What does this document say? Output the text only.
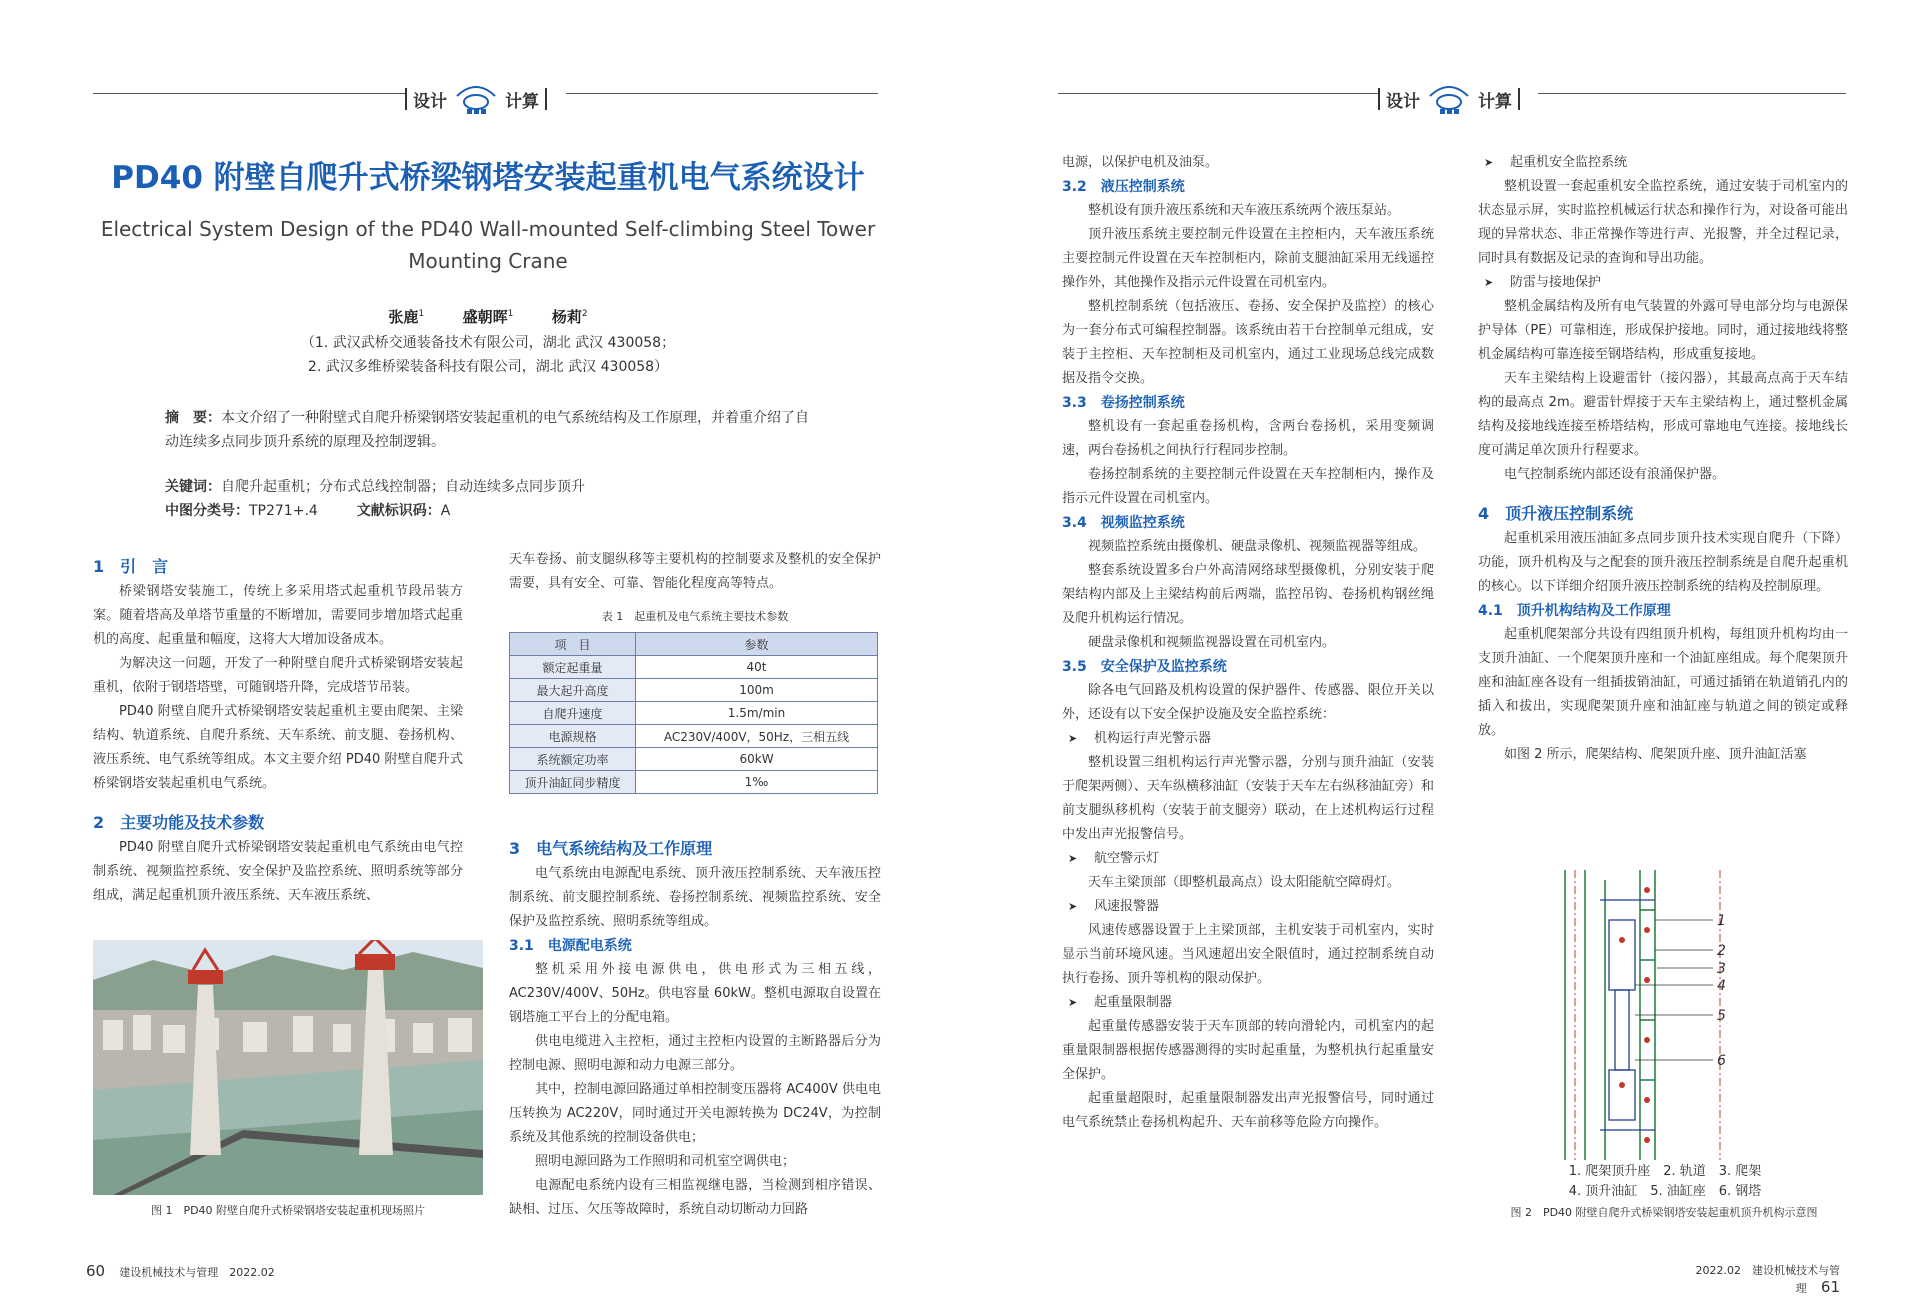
设计	计算
PD40 附壁自爬升式桥梁钢塔安装起重机电气系统设计
Electrical System Design of the PD40 Wall-mounted Self-climbing Steel Tower
Mounting Crane
张鹿$^1$	盛朝晖$^1$	杨莉$^2$
（1. 武汉武桥交通装备技术有限公司，湖北 武汉 430058；
2. 武汉多维桥梁装备科技有限公司，湖北 武汉 430058）
摘　要：本文介绍了一种附壁式自爬升桥梁钢塔安装起重机的电气系统结构及工作原理，并着重介绍了自动连续多点同步顶升系统的原理及控制逻辑。
关键词：自爬升起重机；分布式总线控制器；自动连续多点同步顶升
中图分类号：TP271+.4	文献标识码：A
1　引　言

桥梁钢塔安装施工，传统上多采用塔式起重机节段吊装方案。随着塔高及单塔节重量的不断增加，需要同步增加塔式起重机的高度、起重量和幅度，这将大大增加设备成本。

为解决这一问题，开发了一种附壁自爬升式桥梁钢塔安装起重机，依附于钢塔塔壁，可随钢塔升降，完成塔节吊装。

PD40 附壁自爬升式桥梁钢塔安装起重机主要由爬架、主梁结构、轨道系统、自爬升系统、天车系统、前支腿、卷扬机构、液压系统、电气系统等组成。本文主要介绍 PD40 附壁自爬升式桥梁钢塔安装起重机电气系统。

2　主要功能及技术参数

PD40 附壁自爬升式桥梁钢塔安装起重机电气系统由电气控制系统、视频监控系统、安全保护及监控系统、照明系统等部分组成，满足起重机顶升液压系统、天车液压系统、

图 1　PD40 附壁自爬升式桥梁钢塔安装起重机现场照片

天车卷扬、前支腿纵移等主要机构的控制要求及整机的安全保护需要，具有安全、可靠、智能化程度高等特点。

表 1　起重机及电气系统主要技术参数
项　目	参数
额定起重量	40t
最大起升高度	100m
自爬升速度	1.5m/min
电源规格	AC230V/400V，50Hz，三相五线
系统额定功率	60kW
顶升油缸同步精度	1‰
3　电气系统结构及工作原理

电气系统由电源配电系统、顶升液压控制系统、天车液压控制系统、前支腿控制系统、卷扬控制系统、视频监控系统、安全保护及监控系统、照明系统等组成。

3.1　电源配电系统

整机采用外接电源供电，供电形式为三相五线，AC230V/400V、50Hz。供电容量 60kW。整机电源取自设置在钢塔施工平台上的分配电箱。

供电电缆进入主控柜，通过主控柜内设置的主断路器后分为控制电源、照明电源和动力电源三部分。

其中，控制电源回路通过单相控制变压器将 AC400V 供电电压转换为 AC220V，同时通过开关电源转换为 DC24V，为控制系统及其他系统的控制设备供电；

照明电源回路为工作照明和司机室空调供电；

电源配电系统内设有三相监视继电器，当检测到相序错误、缺相、过压、欠压等故障时，系统自动切断动力回路

60 建设机械技术与管理　2022.02
设计	计算

电源，以保护电机及油泵。

3.2　液压控制系统

整机设有顶升液压系统和天车液压系统两个液压泵站。

顶升液压系统主要控制元件设置在主控柜内，天车液压系统主要控制元件设置在天车控制柜内，除前支腿油缸采用无线遥控操作外，其他操作及指示元件设置在司机室内。

整机控制系统（包括液压、卷扬、安全保护及监控）的核心为一套分布式可编程控制器。该系统由若干台控制单元组成，安装于主控柜、天车控制柜及司机室内，通过工业现场总线完成数据及指令交换。

3.3　卷扬控制系统

整机设有一套起重卷扬机构，含两台卷扬机，采用变频调速，两台卷扬机之间执行行程同步控制。

卷扬控制系统的主要控制元件设置在天车控制柜内，操作及指示元件设置在司机室内。

3.4　视频监控系统

视频监控系统由摄像机、硬盘录像机、视频监视器等组成。

整套系统设置多台户外高清网络球型摄像机，分别安装于爬架结构内部及上主梁结构前后两端，监控吊钩、卷扬机构钢丝绳及爬升机构运行情况。

硬盘录像机和视频监视器设置在司机室内。

3.5　安全保护及监控系统

除各电气回路及机构设置的保护器件、传感器、限位开关以外，还设有以下安全保护设施及安全监控系统：

➤ 机构运行声光警示器

整机设置三组机构运行声光警示器，分别与顶升油缸（安装于爬架两侧）、天车纵横移油缸（安装于天车左右纵移油缸旁）和前支腿纵移机构（安装于前支腿旁）联动，在上述机构运行过程中发出声光报警信号。

➤ 航空警示灯

天车主梁顶部（即整机最高点）设太阳能航空障碍灯。

➤ 风速报警器

风速传感器设置于上主梁顶部，主机安装于司机室内，实时显示当前环境风速。当风速超出安全限值时，通过控制系统自动执行卷扬、顶升等机构的限动保护。

➤ 起重量限制器

起重量传感器安装于天车顶部的转向滑轮内，司机室内的起重量限制器根据传感器测得的实时起重量，为整机执行起重量安全保护。

起重量超限时，起重量限制器发出声光报警信号，同时通过电气系统禁止卷扬机构起升、天车前移等危险方向操作。

➤ 起重机安全监控系统

整机设置一套起重机安全监控系统，通过安装于司机室内的状态显示屏，实时监控机械运行状态和操作行为，对设备可能出现的异常状态、非正常操作等进行声、光报警，并全过程记录，同时具有数据及记录的查询和导出功能。

➤ 防雷与接地保护

整机金属结构及所有电气装置的外露可导电部分均与电源保护导体（PE）可靠相连，形成保护接地。同时，通过接地线将整机金属结构可靠连接至钢塔结构，形成重复接地。

天车主梁结构上设避雷针（接闪器），其最高点高于天车结构的最高点 2m。避雷针焊接于天车主梁结构上，通过整机金属结构及接地线连接至桥塔结构，形成可靠地电气连接。接地线长度可满足单次顶升行程要求。

电气控制系统内部还设有浪涌保护器。

4　顶升液压控制系统

起重机采用液压油缸多点同步顶升技术实现自爬升（下降）功能，顶升机构及与之配套的顶升液压控制系统是自爬升起重机的核心。以下详细介绍顶升液压控制系统的结构及控制原理。

4.1　顶升机构结构及工作原理

起重机爬架部分共设有四组顶升机构，每组顶升机构均由一支顶升油缸、一个爬架顶升座和一个油缸座组成。每个爬架顶升座和油缸座各设有一组插拔销油缸，可通过插销在轨道销孔内的插入和拔出，实现爬架顶升座和油缸座与轨道之间的锁定或释放。

如图 2 所示，爬架结构、爬架顶升座、顶升油缸活塞

1
2
3
4
5
6
1. 爬架顶升座　2. 轨道　3. 爬架
4. 顶升油缸　5. 油缸座　6. 钢塔
图 2　PD40 附壁自爬升式桥梁钢塔安装起重机顶升机构示意图
2022.02　建设机械技术与管理 61
